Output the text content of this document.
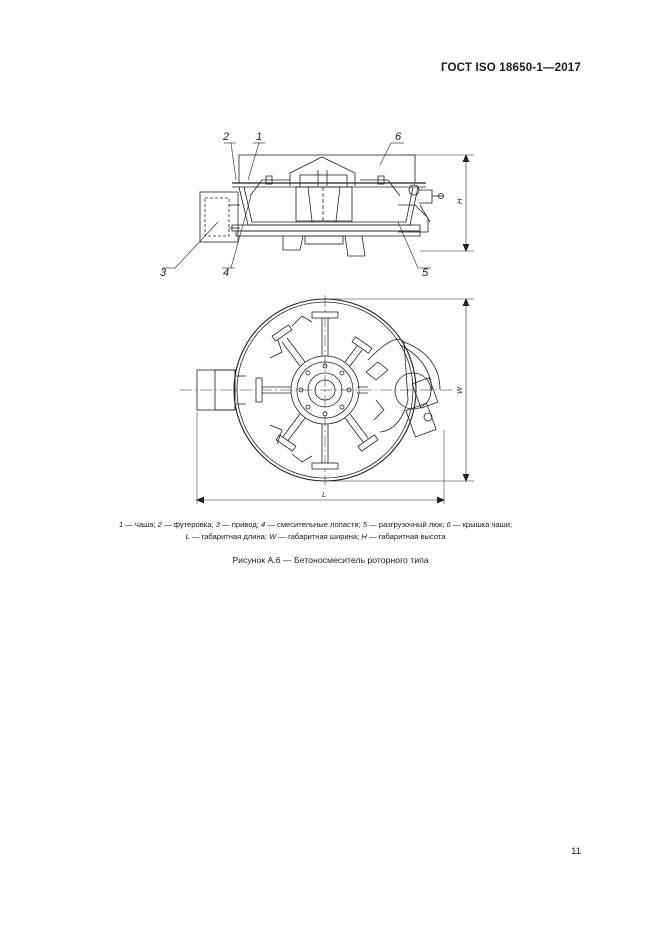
ГОСТ ISO 18650-1—2017
2 1	6
3	4	5
H
W
L
1 — чаша; 2 — футеровка; 3 — привод; 4 — смесительные лопасти; 5 — разгрузочный люк; 6 — крышка чаши;
L — габаритная длина; W — габаритная ширина; H — габаритная высота
Рисунок А.6 — Бетоносмеситель роторного типа
11
